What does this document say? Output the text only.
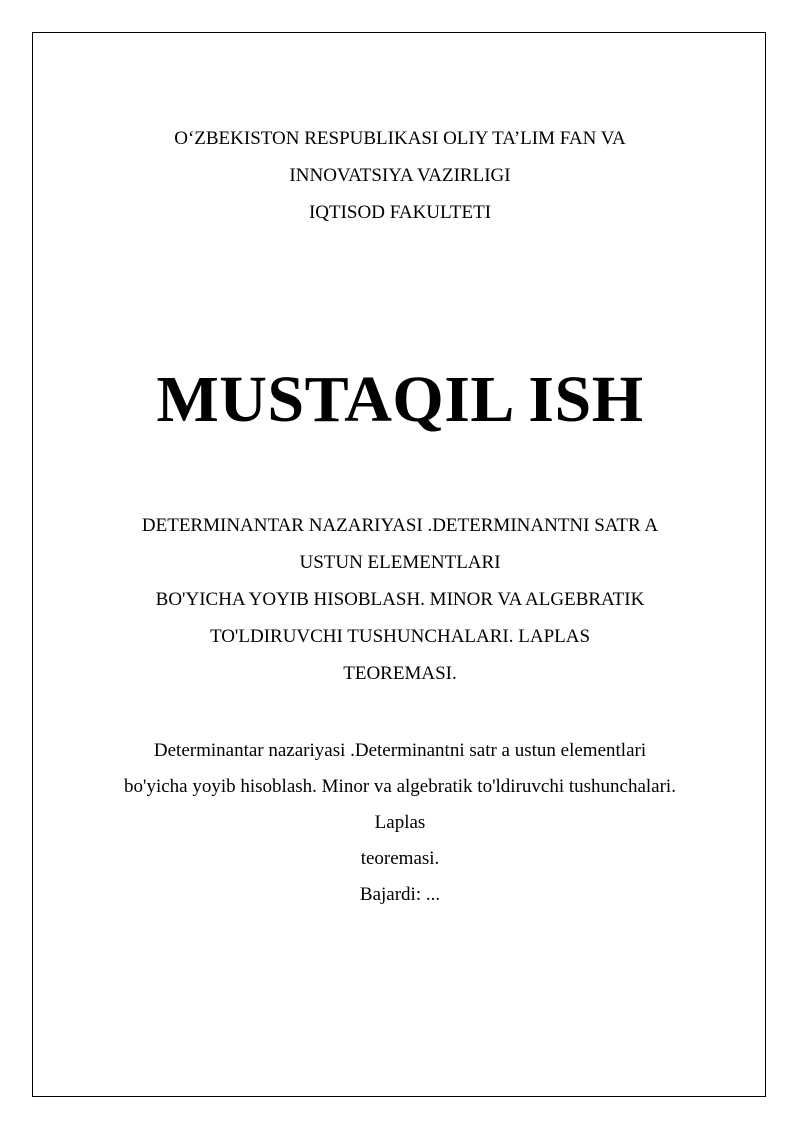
O‘ZBEKISTON RESPUBLIKASI OLIY TA’LIM FAN VA
INNOVATSIYA VAZIRLIGI
IQTISOD FAKULTETI
MUSTAQIL ISH
DETERMINANTAR NAZARIYASI .DETERMINANTNI SATR A
USTUN ELEMENTLARI
BO'YICHA YOYIB HISOBLASH. MINOR VA ALGEBRATIK
TO'LDIRUVCHI TUSHUNCHALARI. LAPLAS
TEOREMASI.
Determinantar nazariyasi .Determinantni satr a ustun elementlari
bo'yicha yoyib hisoblash. Minor va algebratik to'ldiruvchi tushunchalari.
Laplas
teoremasi.
Bajardi: ...
